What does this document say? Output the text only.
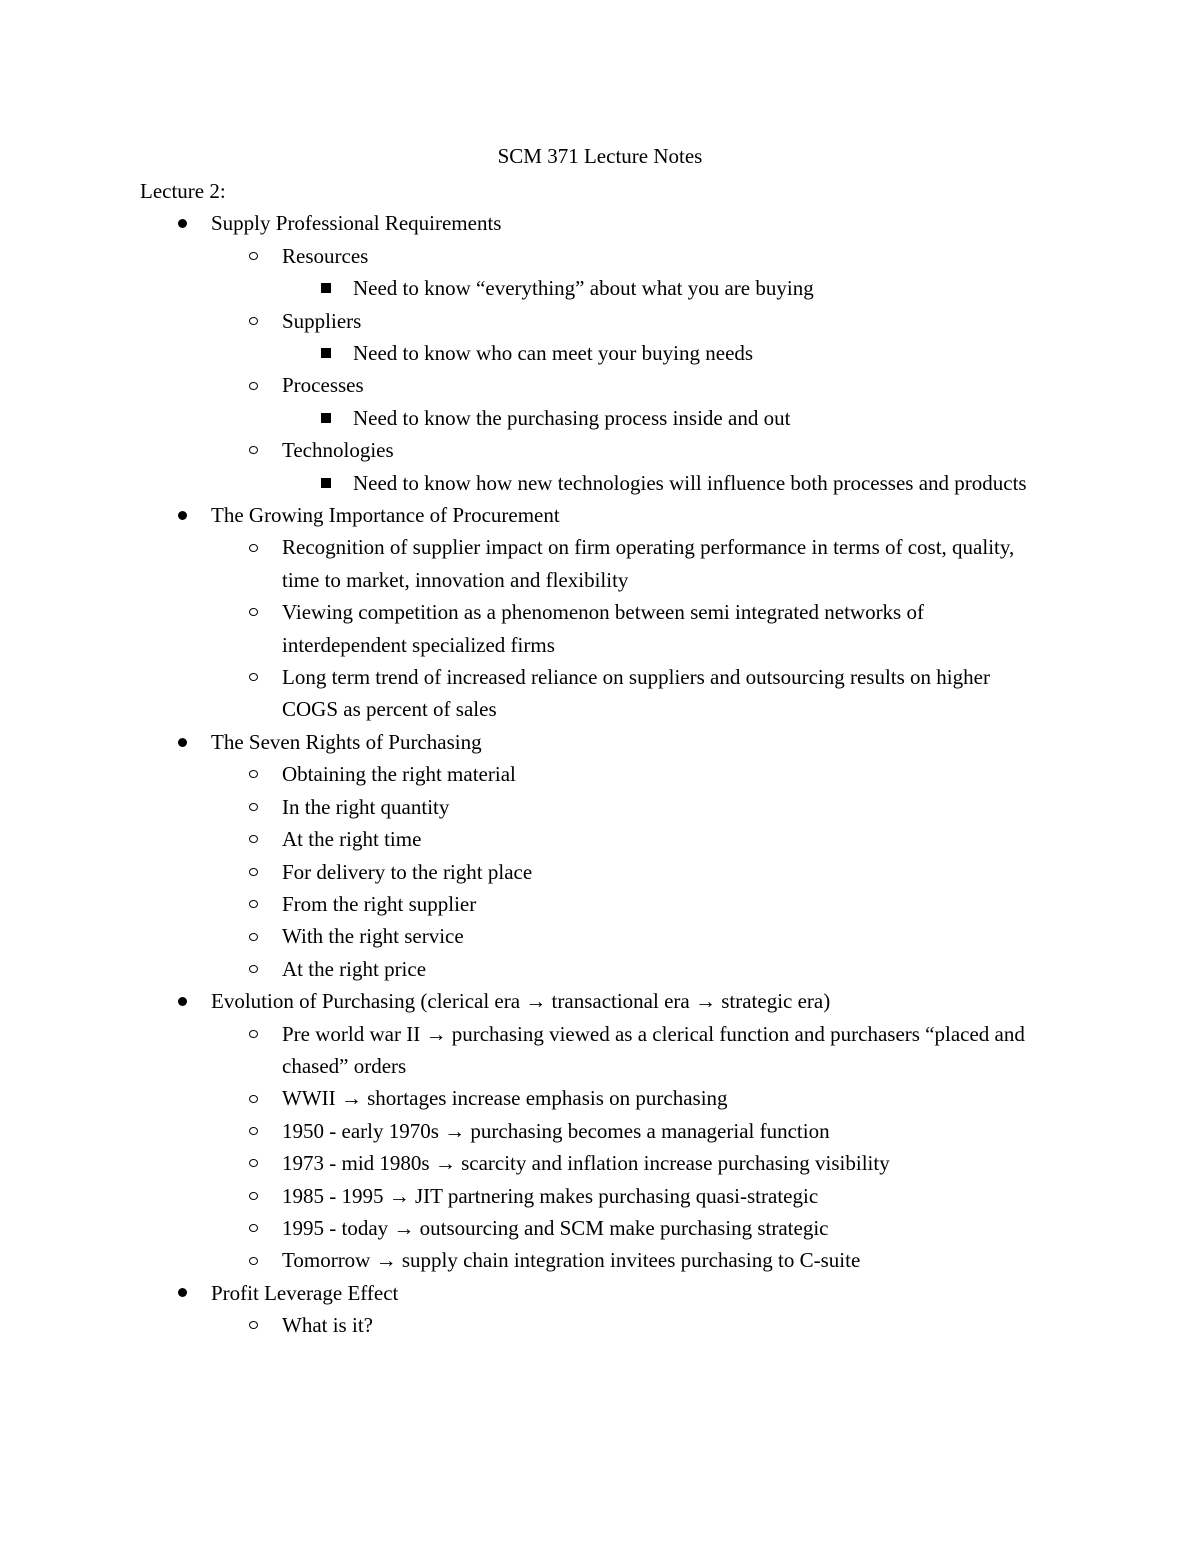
SCM 371 Lecture Notes
Lecture 2:
Supply Professional Requirements
Resources
Need to know “everything” about what you are buying
Suppliers
Need to know who can meet your buying needs
Processes
Need to know the purchasing process inside and out
Technologies
Need to know how new technologies will influence both processes and products
The Growing Importance of Procurement
Recognition of supplier impact on firm operating performance in terms of cost, quality, time to market, innovation and flexibility
Viewing competition as a phenomenon between semi integrated networks of interdependent specialized firms
Long term trend of increased reliance on suppliers and outsourcing results on higher COGS as percent of sales
The Seven Rights of Purchasing
Obtaining the right material
In the right quantity
At the right time
For delivery to the right place
From the right supplier
With the right service
At the right price
Evolution of Purchasing (clerical era → transactional era → strategic era)
Pre world war II → purchasing viewed as a clerical function and purchasers “placed and chased” orders
WWII → shortages increase emphasis on purchasing
1950 - early 1970s → purchasing becomes a managerial function
1973 - mid 1980s → scarcity and inflation increase purchasing visibility
1985 - 1995 → JIT partnering makes purchasing quasi-strategic
1995 - today → outsourcing and SCM make purchasing strategic
Tomorrow → supply chain integration invitees purchasing to C-suite
Profit Leverage Effect
What is it?
